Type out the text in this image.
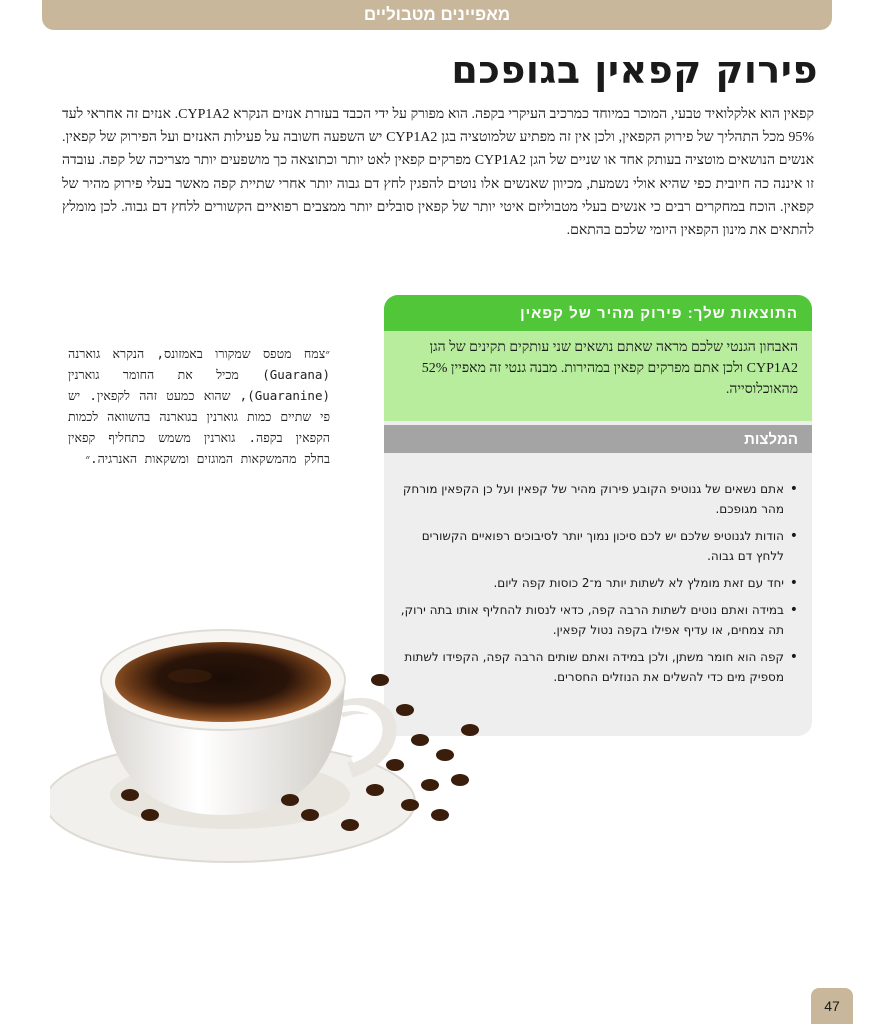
מאפיינים מטבוליים
פירוק קפאין בגופכם

קפאין הוא אלקלואיד טבעי, המוכר במיוחד כמרכיב העיקרי בקפה. הוא מפורק על ידי הכבד בעזרת אנזים הנקרא CYP1A2. אנזים זה אחראי לעד 95% מכל התהליך של פירוק הקפאין, ולכן אין זה מפתיע שלמוטציה בגן CYP1A2 יש השפעה חשובה על פעילות האנזים ועל הפירוק של קפאין. אנשים הנושאים מוטציה בעותק אחד או שניים של הגן CYP1A2 מפרקים קפאין לאט יותר וכתוצאה כך מושפעים יותר מצריכה של קפה. עובדה זו איננה כה חיובית כפי שהיא אולי נשמעת, מכיוון שאנשים אלו נוטים להפגין לחץ דם גבוה יותר אחרי שתיית קפה מאשר בעלי פירוק מהיר של קפאין. הוכח במחקרים רבים כי אנשים בעלי מטבוליזם איטי יותר של קפאין סובלים יותר ממצבים רפואיים הקשורים ללחץ דם גבוה. לכן מומלץ להתאים את מינון הקפאין היומי שלכם בהתאם.

״צמח מטפס שמקורו באמזונס, הנקרא גוארנה (Guarana) מכיל את החומר גוארנין (Guaranine), שהוא כמעט זהה לקפאין. יש פי שתיים כמות גוארנין בגוארנה בהשוואה לכמות הקפאין בקפה. גוארנין משמש כתחליף קפאין בחלק מהמשקאות המוגזים ומשקאות האנרגיה.״

התוצאות שלך: פירוק מהיר של קפאין
האבחון הגנטי שלכם מראה שאתם נושאים שני עותקים תקינים של הגן CYP1A2 ולכן אתם מפרקים קפאין במהירות. מבנה גנטי זה מאפיין 52% מהאוכלוסייה.
המלצות
• אתם נשאים של גנוטיפ הקובע פירוק מהיר של קפאין ועל כן הקפאין מורחק מהר מגופכם.
• הודות לגנוטיפ שלכם יש לכם סיכון נמוך יותר לסיבוכים רפואיים הקשורים ללחץ דם גבוה.
• יחד עם זאת מומלץ לא לשתות יותר מ־2 כוסות קפה ליום.
• במידה ואתם נוטים לשתות הרבה קפה, כדאי לנסות להחליף אותו בתה ירוק, תה צמחים, או עדיף אפילו בקפה נטול קפאין.
• קפה הוא חומר משתן, ולכן במידה ואתם שותים הרבה קפה, הקפידו לשתות מספיק מים כדי להשלים את הנוזלים החסרים.
47
